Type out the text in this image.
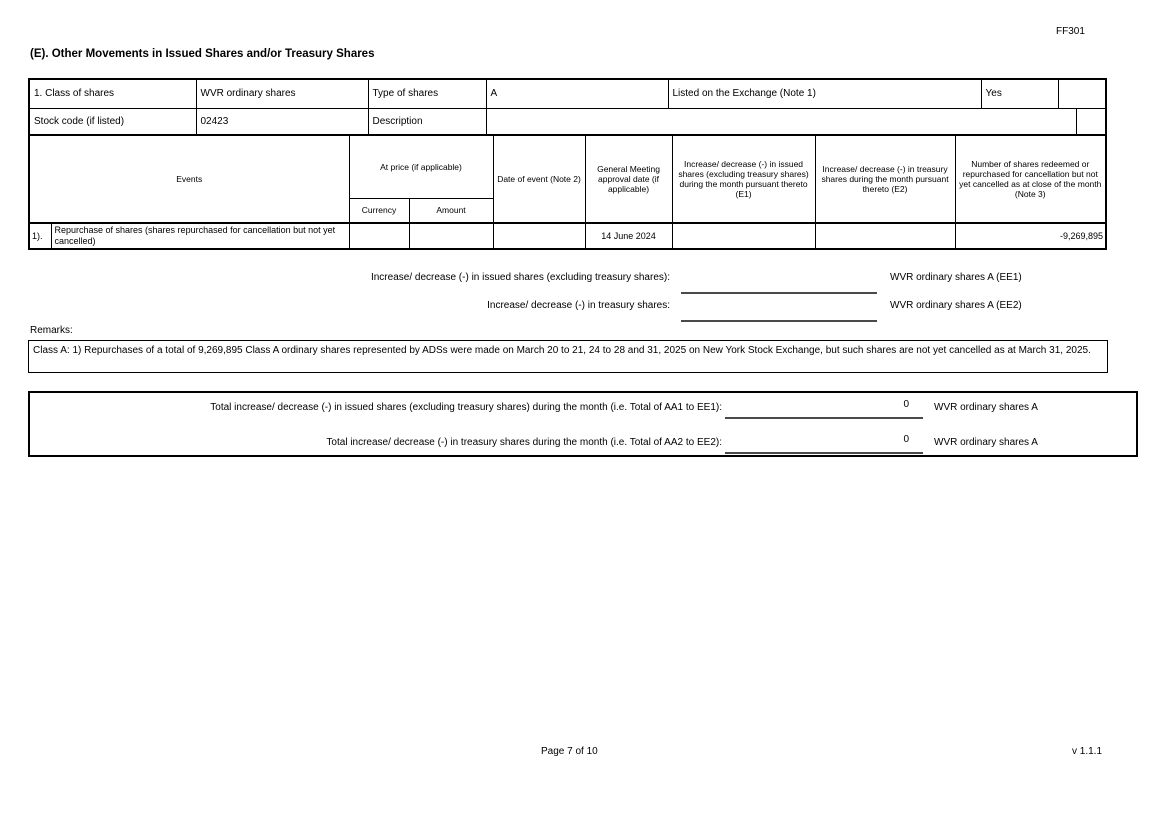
FF301
(E). Other Movements in Issued Shares and/or Treasury Shares
1. Class of shares	WVR ordinary shares	Type of shares	A	Listed on the Exchange (Note 1)	Yes		
Stock code (if listed)	02423	Description					
Events		At price (if applicable)		Date of event (Note 2)	General Meeting approval date (if applicable)	Increase/ decrease (-) in issued shares (excluding treasury shares) during the month pursuant thereto (E1)	Increase/ decrease (-) in treasury shares during the month pursuant thereto (E2)	Number of shares redeemed or repurchased for cancellation but not yet cancelled as at close of the month (Note 3)
		Currency	Amount					
1).	Repurchase of shares (shares repurchased for cancellation but not yet cancelled)				14 June 2024			-9,269,895
Increase/ decrease (-) in issued shares (excluding treasury shares):	WVR ordinary shares A (EE1)
Increase/ decrease (-) in treasury shares:	WVR ordinary shares A (EE2)
Remarks:
Class A: 1) Repurchases of a total of 9,269,895 Class A ordinary shares represented by ADSs were made on March 20 to 21, 24 to 28 and 31, 2025 on New York Stock Exchange, but such shares are not yet cancelled as at March 31, 2025.
Total increase/ decrease (-) in issued shares (excluding treasury shares) during the month (i.e. Total of AA1 to EE1):	0	WVR ordinary shares A
Total increase/ decrease (-) in treasury shares during the month (i.e. Total of AA2 to EE2):	0	WVR ordinary shares A
Page 7 of 10	v 1.1.1
